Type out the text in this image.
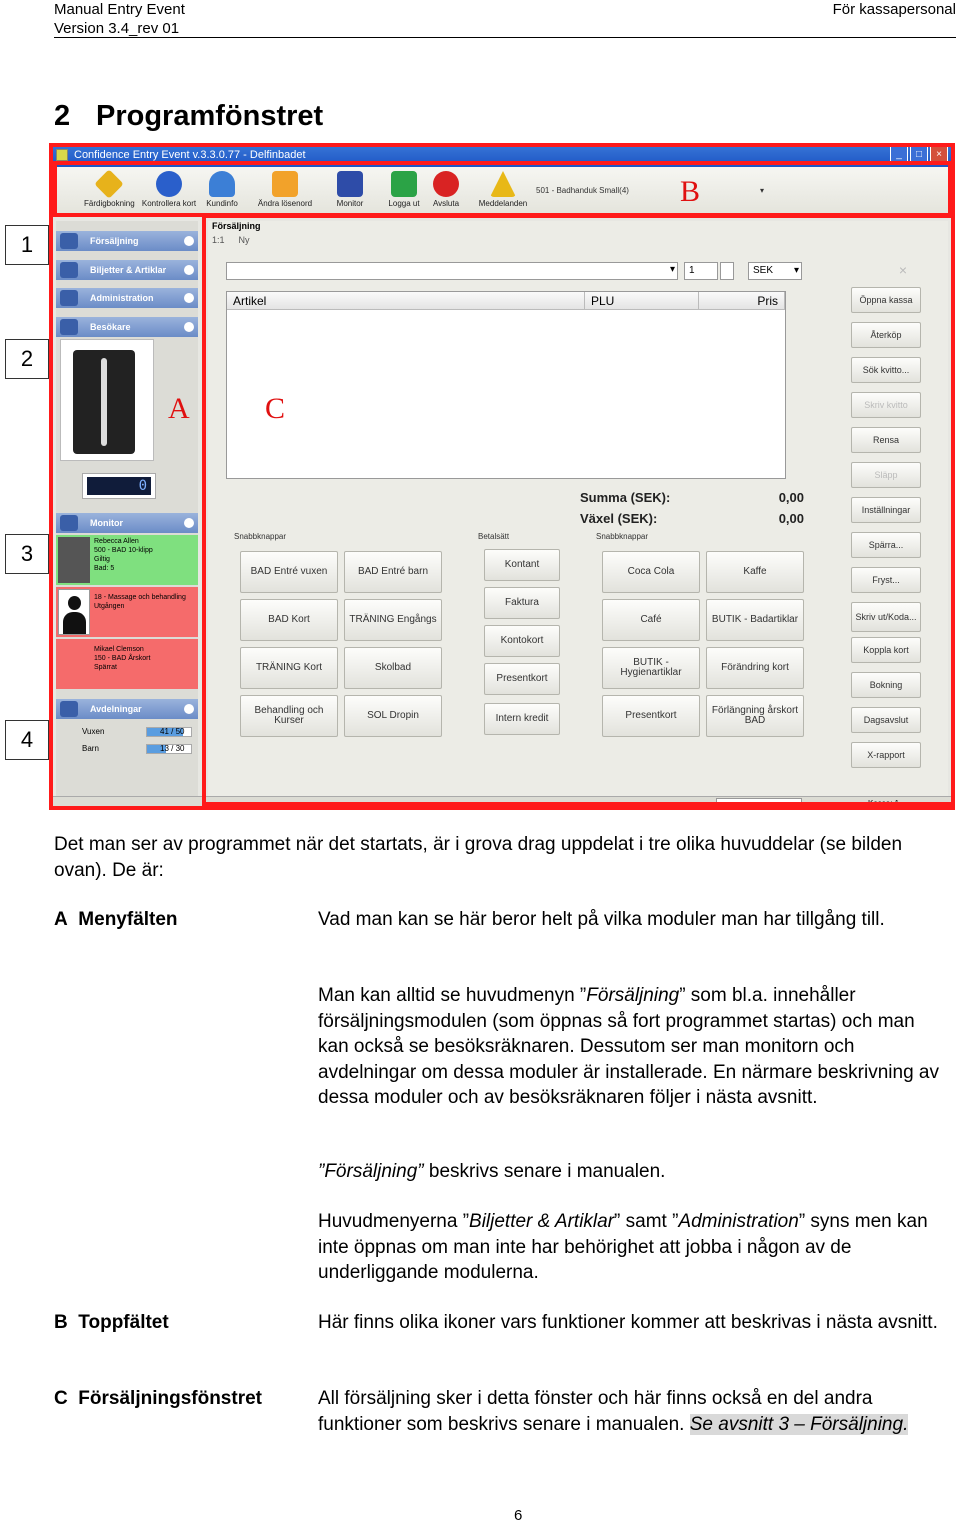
Manual Entry Event
Version 3.4_rev 01
För kassapersonal
2 Programfönstret
1
2
3
4
Confidence Entry Event v.3.3.0.77 - Delfinbadet	_	□	×
Färdigbokning Kontrollera kort	Kundinfo	Ändra lösenord	Monitor	Logga ut	Avsluta	Meddelanden
501 - Badhanduk Small(4)	▾
Försäljning
Biljetter & Artiklar
Administration
Besökare
0
Monitor
Rebecca Allen
500 - BAD 10-klipp
Giltig
Bad: 5
18 - Massage och behandling
Utgången
Mikael Clemson
150 - BAD Årskort
Spärrat
Avdelningar
Vuxen	41 / 50
Barn	13 / 30
Försäljning
1:1 Ny
▾	1	SEK ▾	×
Artikel	PLU	Pris
Summa (SEK):	0,00
Växel (SEK):	0,00
Snabbknappar	Betalsätt	Snabbknappar
BAD Entré vuxen	BAD Entré barn
BAD Kort	TRÄNING Engångs
TRÄNING Kort	Skolbad
Behandling och Kurser	SOL Dropin
Kontant
Faktura
Kontokort
Presentkort
Intern kredit
Coca Cola	Kaffe
Café	BUTIK - Badartiklar
BUTIK - Hygienartiklar	Förändring kort
Presentkort	Förlängning årskort BAD
Öppna kassa
Återköp
Sök kvitto...
Skriv kvitto
Rensa
Släpp
Inställningar
Spärra...
Fryst...
Skriv ut/Koda...
Koppla kort
Bokning
Dagsavslut
X-rapport
Kassa: 1
A
B
C
Det man ser av programmet när det startats, är i grova drag uppdelat i tre olika huvuddelar (se bilden ovan). De är:
A Menyfälten	Vad man kan se här beror helt på vilka moduler man har tillgång till.
Man kan alltid se huvudmenyn ”Försäljning” som bl.a. innehåller försäljningsmodulen (som öppnas så fort programmet startas) och man kan också se besöksräknaren. Dessutom ser man monitorn och avdelningar om dessa moduler är installerade. En närmare beskrivning av dessa moduler och av besöksräknaren följer i nästa avsnitt.
”Försäljning” beskrivs senare i manualen.
Huvudmenyerna ”Biljetter & Artiklar” samt ”Administration” syns men kan inte öppnas om man inte har behörighet att jobba i någon av de underliggande modulerna.
B Toppfältet	Här finns olika ikoner vars funktioner kommer att beskrivas i nästa avsnitt.
C Försäljningsfönstret	All försäljning sker i detta fönster och här finns också en del andra funktioner som beskrivs senare i manualen. Se avsnitt 3 – Försäljning.
6
